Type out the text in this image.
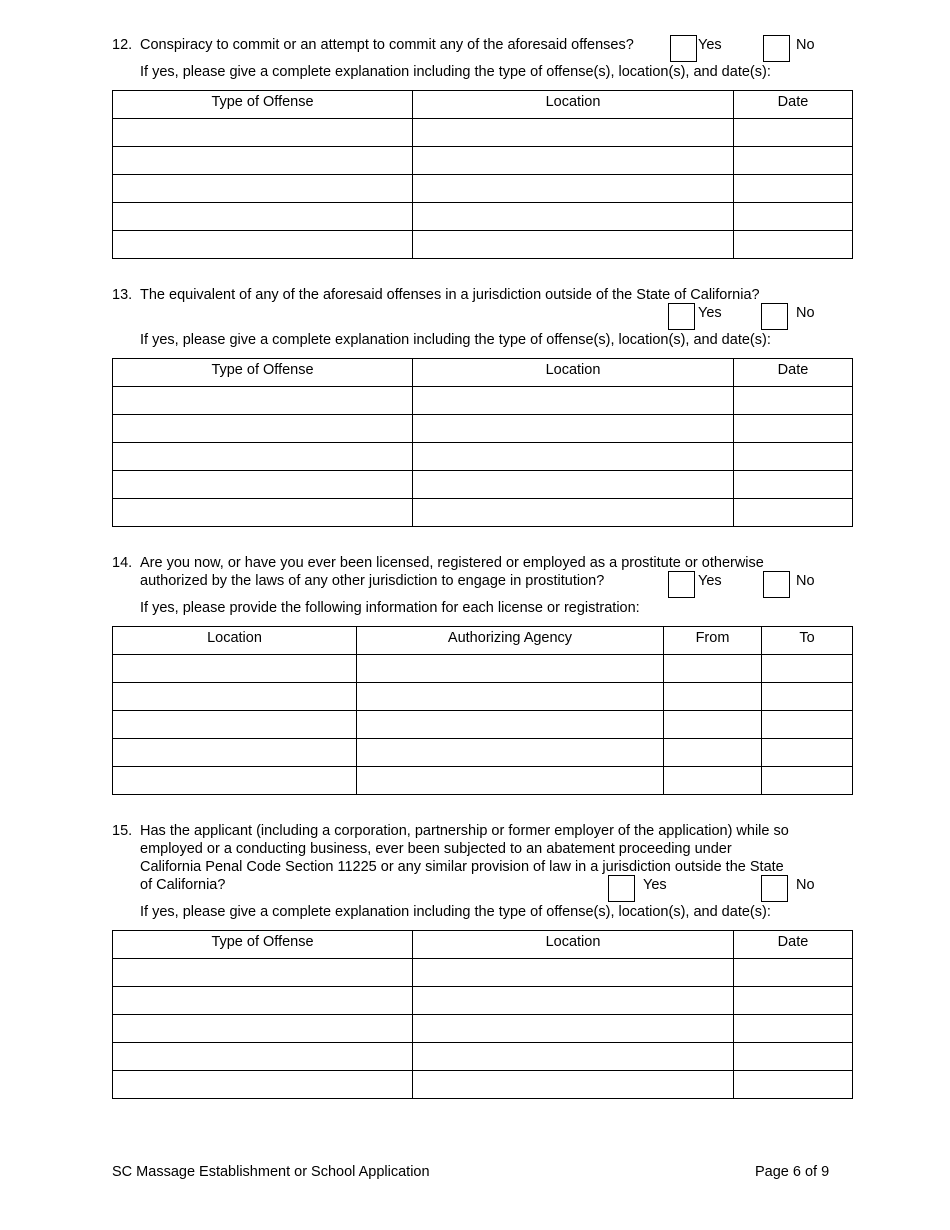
12. Conspiracy to commit or an attempt to commit any of the aforesaid offenses?	Yes	No
If yes, please give a complete explanation including the type of offense(s), location(s), and date(s):
Type of Offense	Location	Date

13. The equivalent of any of the aforesaid offenses in a jurisdiction outside of the State of California?
Yes	No
If yes, please give a complete explanation including the type of offense(s), location(s), and date(s):
Type of Offense	Location	Date

14. Are you now, or have you ever been licensed, registered or employed as a prostitute or otherwise
authorized by the laws of any other jurisdiction to engage in prostitution?	Yes	No
If yes, please provide the following information for each license or registration:
Location	Authorizing Agency	From	To

15. Has the applicant (including a corporation, partnership or former employer of the application) while so
employed or a conducting business, ever been subjected to an abatement proceeding under
California Penal Code Section 11225 or any similar provision of law in a jurisdiction outside the State
of California?	Yes	No
If yes, please give a complete explanation including the type of offense(s), location(s), and date(s):
Type of Offense	Location	Date

SC Massage Establishment or School Application	Page 6 of 9
